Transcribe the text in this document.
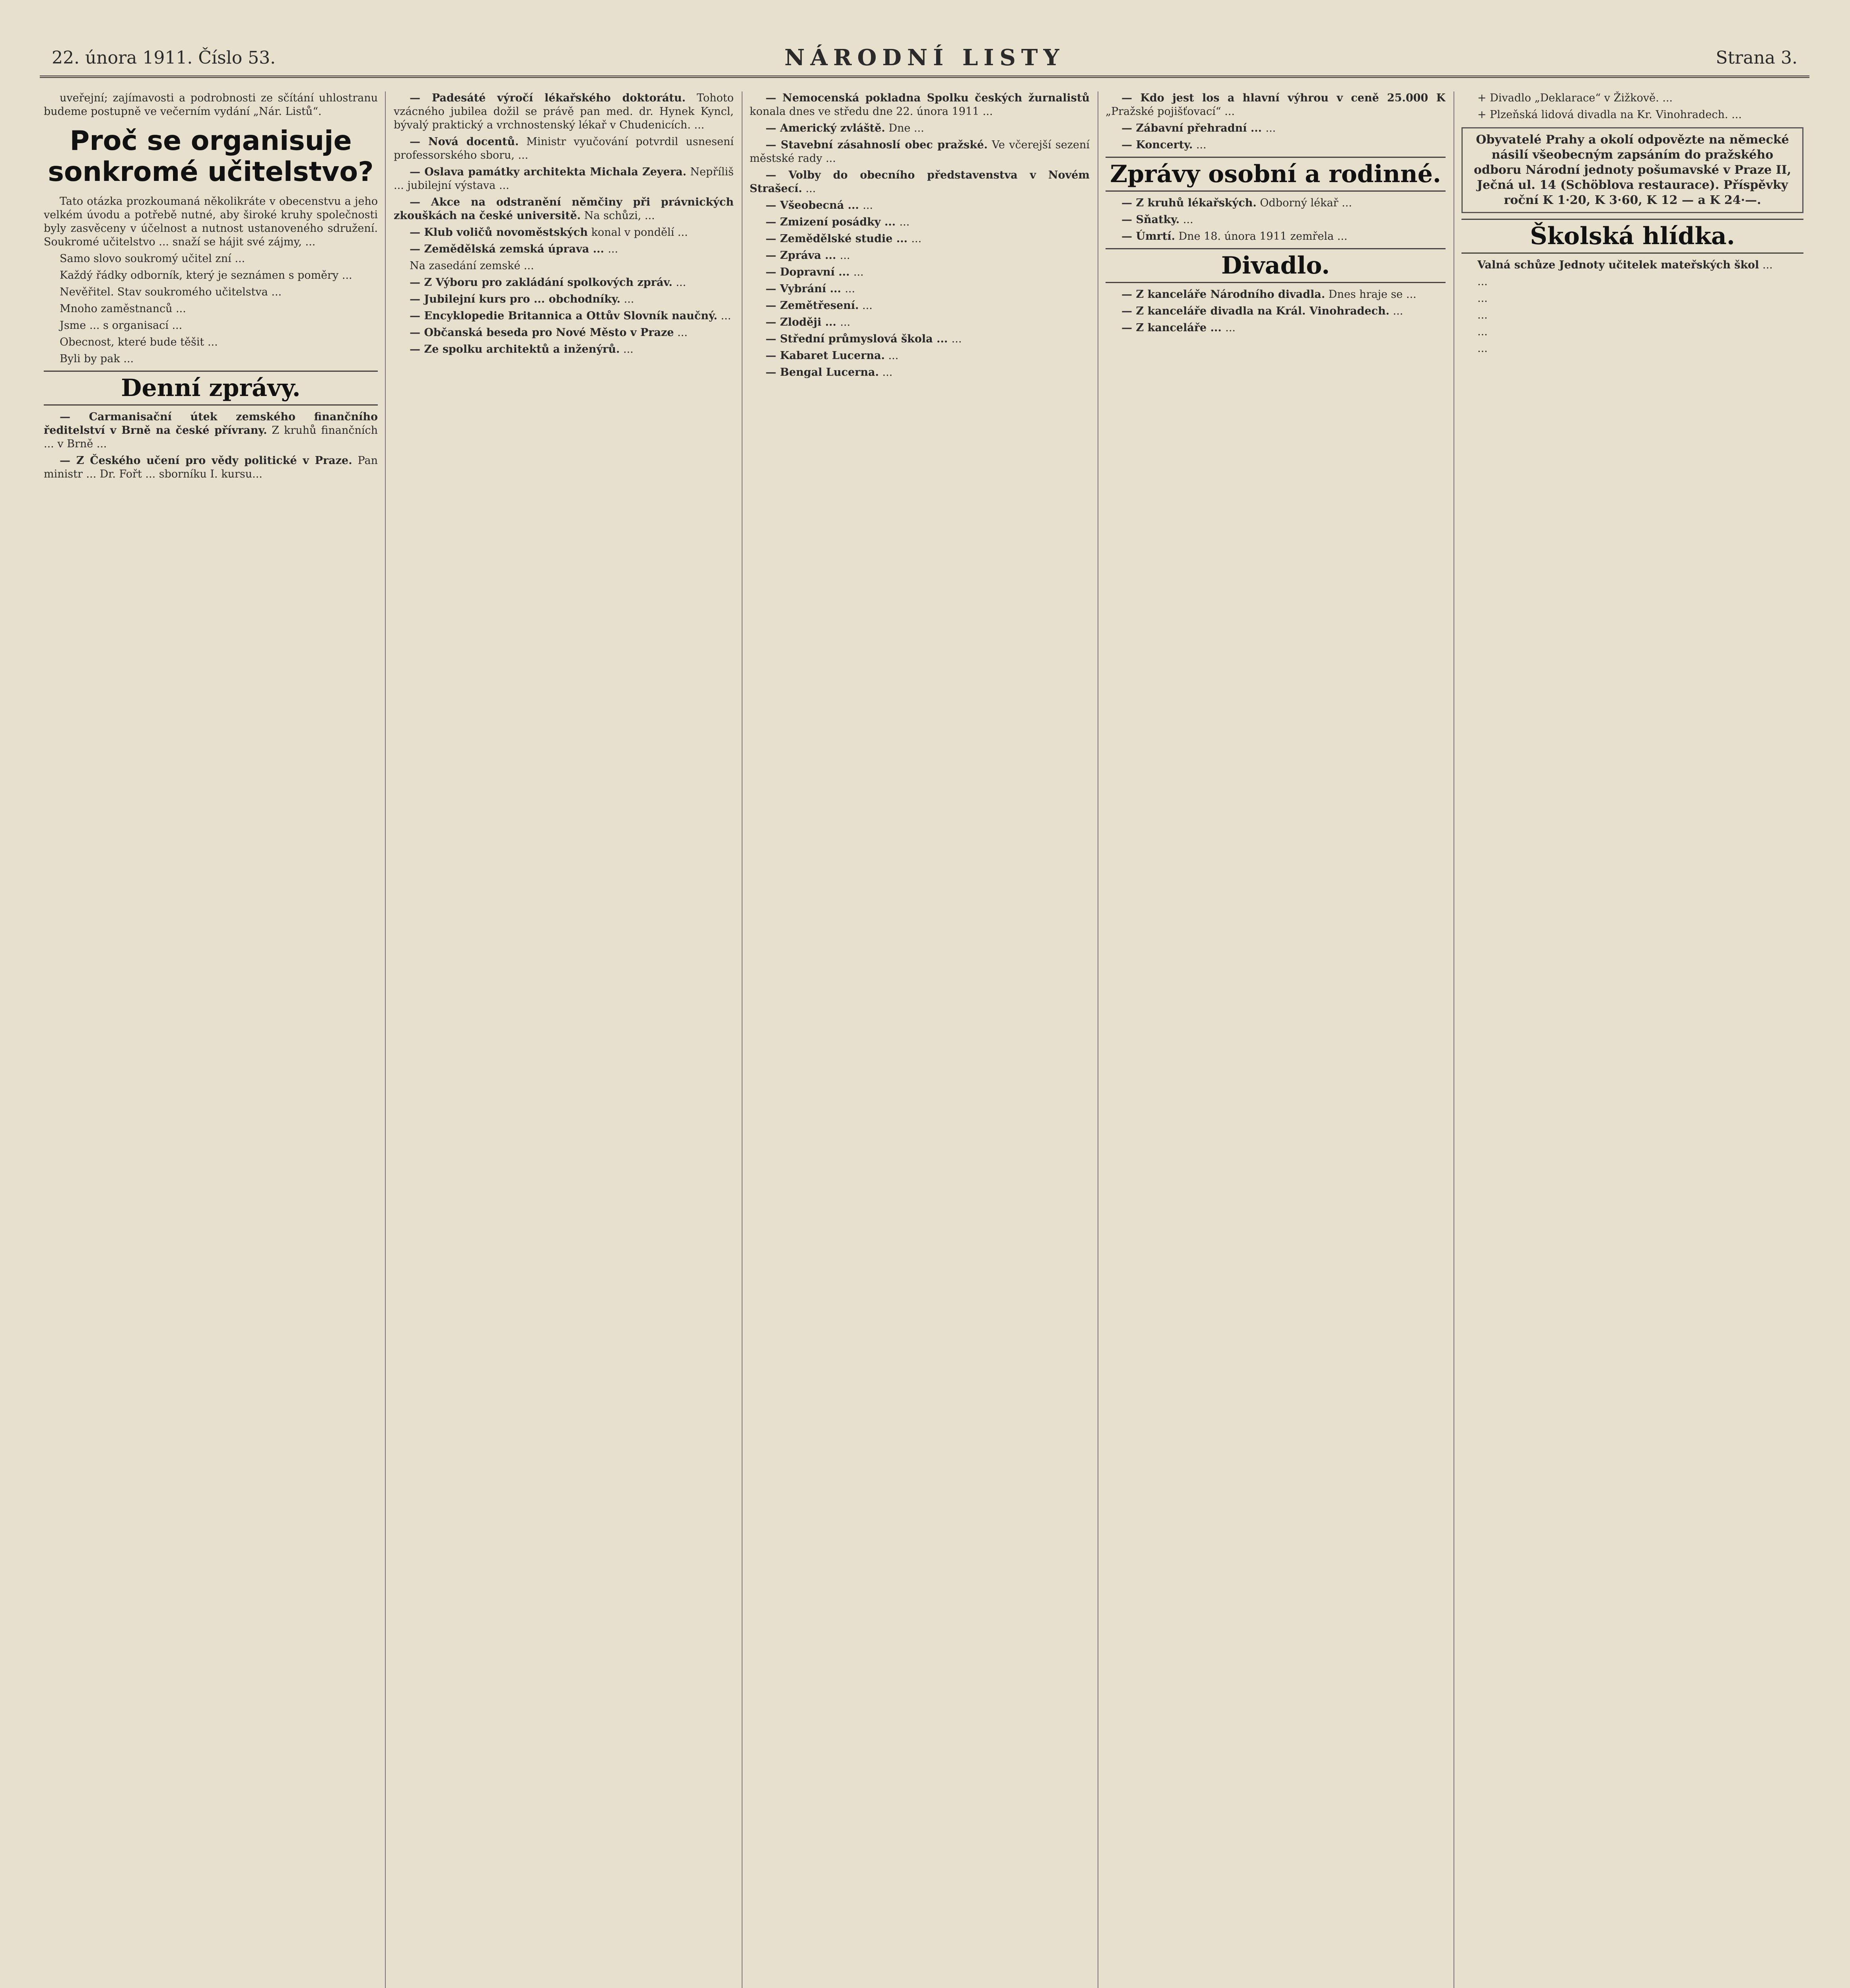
22. února 1911. Číslo 53.	NÁRODNÍ LISTY	Strana 3.

uveřejní; zajímavosti a podrobnosti ze sčítání uhlostranu budeme postupně ve večerním vydání „Nár. Listů“.

Proč se organisuje sonkromé učitelstvo?

Tato otázka prozkoumaná několikráte v obecenstvu a jeho velkém úvodu a potřebě nutné, aby široké kruhy společnosti byly zasvěceny v účelnost a nutnost ustanoveného sdružení. Soukromé učitelstvo ... snaží se hájit své zájmy, ...

Samo slovo soukromý učitel zní ...

Každý řádky odborník, který je seznámen s poměry ...

Nevěřitel. Stav soukromého učitelstva ...

Mnoho zaměstnanců ...

Jsme ... s organisací ...

Obecnost, které bude těšit ...

Byli by pak ...

Denní zprávy.

— Carmanisační útek zemského finančního ředitelství v Brně na české přívrany. Z kruhů finančních ... v Brně ...

— Z Českého učení pro vědy politické v Praze. Pan ministr ... Dr. Fořt ... sborníku I. kursu...

— Padesáté výročí lékařského doktorátu. Tohoto vzácného jubilea dožil se právě pan med. dr. Hynek Kyncl, bývalý praktický a vrchnostenský lékař v Chudenicích. ...

— Nová docentů. Ministr vyučování potvrdil usnesení professorského sboru, ...

— Oslava památky architekta Michala Zeyera. Nepříliš ... jubilejní výstava ...

— Akce na odstranění němčiny při právnických zkouškách na české universitě. Na schůzi, ...

— Klub voličů novoměstských konal v pondělí ...

— Zemědělská zemská úprava ... ...

Na zasedání zemské ...

— Z Výboru pro zakládání spolkových zpráv. ...

— Jubilejní kurs pro ... obchodníky. ...

— Encyklopedie Britannica a Ottův Slovník naučný. ...

— Občanská beseda pro Nové Město v Praze ...

— Ze spolku architektů a inženýrů. ...

— Nemocenská pokladna Spolku českých žurnalistů konala dnes ve středu dne 22. února 1911 ...

— Americký zvláště. Dne ...

— Stavební zásahnoslí obec pražské. Ve včerejší sezení městské rady ...

— Volby do obecního představenstva v Novém Strašecí. ...

— Všeobecná ... ...

— Zmizení posádky ... ...

— Zemědělské studie ... ...

— Zpráva ... ...

— Dopravní ... ...

— Vybrání ... ...

— Zemětřesení. ...

— Zloději ... ...

— Střední průmyslová škola ... ...

— Kabaret Lucerna. ...

— Bengal Lucerna. ...

— Kdo jest los a hlavní výhrou v ceně 25.000 K „Pražské pojišťovací“ ...

— Zábavní přehradní ... ...

— Koncerty. ...

Zprávy osobní a rodinné.

— Z kruhů lékařských. Odborný lékař ...

— Sňatky. ...

— Úmrtí. Dne 18. února 1911 zemřela ...

Divadlo.

— Z kanceláře Národního divadla. Dnes hraje se ...

— Z kanceláře divadla na Král. Vinohradech. ...

— Z kanceláře ... ...

+ Divadlo „Deklarace“ v Žižkově. ...

+ Plzeňská lidová divadla na Kr. Vinohradech. ...

Obyvatelé Prahy a okolí odpovězte na německé násilí všeobecným zapsáním do pražského odboru Národní jednoty pošumavské v Praze II, Ječná ul. 14 (Schöblova restaurace). Příspěvky roční K 1·20, K 3·60, K 12 — a K 24·—.
Školská hlídka.

Valná schůze Jednoty učitelek mateřských škol ...

...

...

...

...

...
